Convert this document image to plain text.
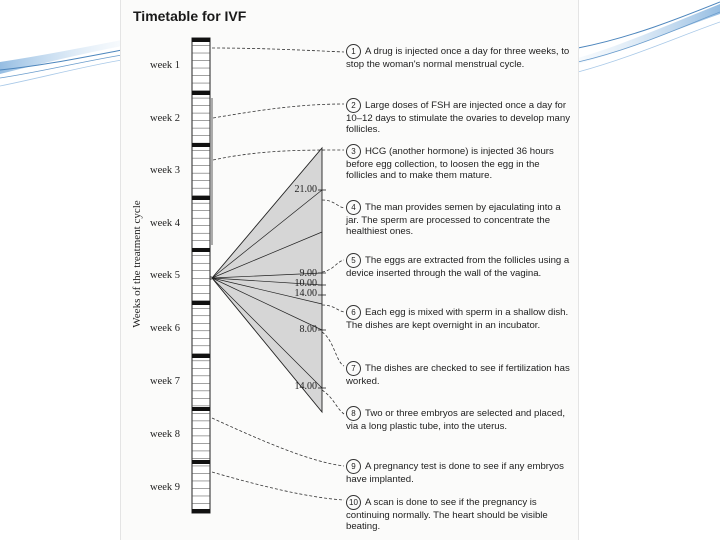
Timetable for IVF
Weeks of the treatment cycle
week 1
week 2
week 3
week 4
week 5
week 6
week 7
week 8
week 9
21.00
9.00
10.00
14.00
8.00
14.00
1 A drug is injected once a day for three weeks, to stop the woman's normal menstrual cycle.
2 Large doses of FSH are injected once a day for 10–12 days to stimulate the ovaries to develop many follicles.
3 HCG (another hormone) is injected 36 hours before egg collection, to loosen the egg in the follicles and to make them mature.
4 The man provides semen by ejaculating into a jar. The sperm are processed to concentrate the healthiest ones.
5 The eggs are extracted from the follicles using a device inserted through the wall of the vagina.
6 Each egg is mixed with sperm in a shallow dish. The dishes are kept overnight in an incubator.
7 The dishes are checked to see if fertilization has worked.
8 Two or three embryos are selected and placed, via a long plastic tube, into the uterus.
9 A pregnancy test is done to see if any embryos have implanted.
10 A scan is done to see if the pregnancy is continuing normally. The heart should be visible beating.
